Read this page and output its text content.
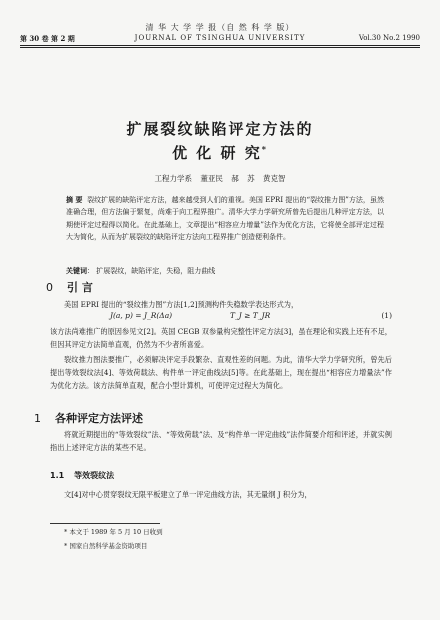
清 华 大 学 学 报（自 然 科 学 版）
第 30 卷 第 2 期	JOURNAL OF TSINGHUA UNIVERSITY	Vol.30 No.2 1990
扩展裂纹缺陷评定方法的
优 化 研 究*
工程力学系 董亚民 郝 苏 黄克智
摘 要 裂纹扩展的缺陷评定方法，越来越受到人们的重视。美国 EPRI 提出的“裂纹推力图”方法，虽然准确合理，但方法偏于繁复，尚难于向工程界推广。清华大学力学研究所曾先后提出几种评定方法，以期使评定过程得以简化。在此基础上，文章提出“相容应力增量”法作为优化方法，它将使全部评定过程大为简化，从而为扩展裂纹的缺陷评定方法向工程界推广创造便利条件。
关键词： 扩展裂纹，缺陷评定，失稳，阻力曲线
0 引 言
美国 EPRI 提出的“裂纹推力图”方法[1,2]预测构件失稳数学表达形式为，
J(a, p) = J_R(Δa)	T_J ≥ T_JR	(1)
该方法尚难推广的原因参见文[2]。英国 CEGB 双参量构完整性评定方法[3]，虽在理论和实践上还有不足，但因其评定方法简单直观，仍然为不少者所喜爱。
裂纹推力图法要推广，必须解决评定手段繁杂、直观性差的问题。为此，清华大学力学研究所，曾先后提出等效裂纹法[4]、等效荷载法、构件单一评定曲线法[5]等。在此基础上，现在提出“相容应力增量法”作为优化方法。该方法简单直观，配合小型计算机，可使评定过程大为简化。
1 各种评定方法评述
将就近期提出的“等效裂纹”法、“等效荷载”法、及“构件单一评定曲线”法作简要介绍和评述，并就实例指出上述评定方法的某些不足。
1.1 等效裂纹法
文[4]对中心贯穿裂纹无限平板建立了单一评定曲线方法，其无量纲 J 积分为，
* 本文于 1989 年 5 月 10 日收到
* 国家自然科学基金资助项目
